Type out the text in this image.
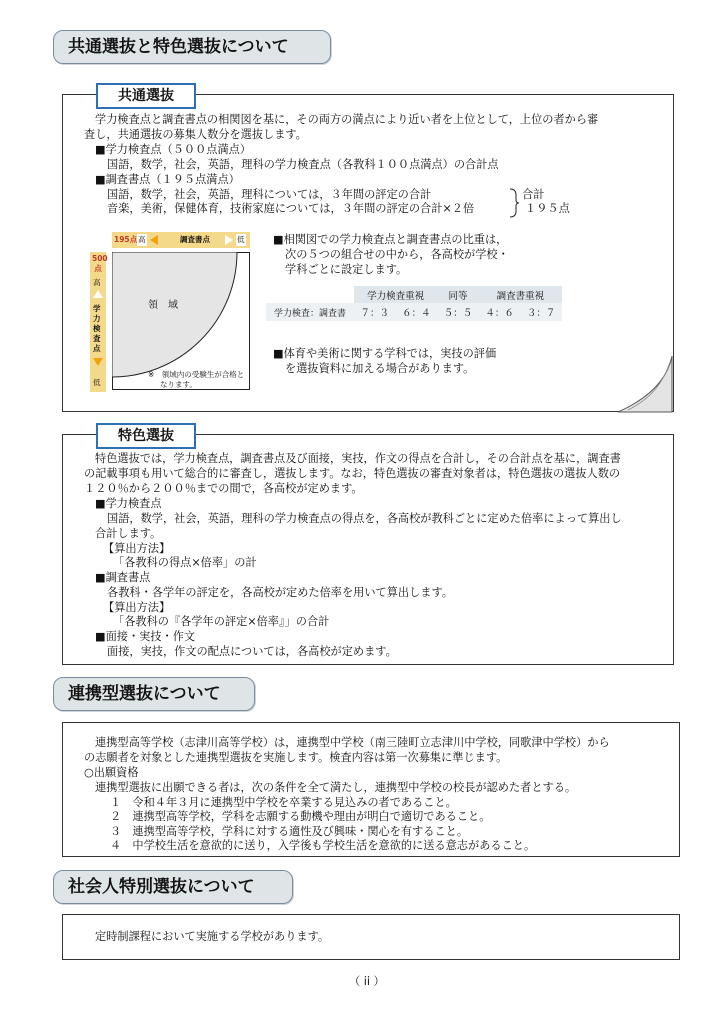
共通選抜と特色選抜について
共通選抜
学力検査点と調査書点の相関図を基に，その両方の満点により近い者を上位として，上位の者から審
査し，共通選抜の募集人数分を選抜します。
■学力検査点（５００点満点）
国語，数学，社会，英語，理科の学力検査点（各教科１００点満点）の合計点
■調査書点（１９５点満点）
国語，数学，社会，英語，理科については，３年間の評定の合計
音楽，美術，保健体育，技術家庭については，３年間の評定の合計×２倍
合計
１９５点
195点 高	調査書点	低
500点
高
学力検査点
低
領　域
※　領域内の受験生が合格と
なります。
■相関図での学力検査点と調査書点の比重は，
次の５つの組合せの中から，各高校が学校・
学科ごとに設定します。
	学力検査重視		同等	調査書重視	
学力検査：調査書	７：３	６：４	５：５	４：６	３：７
■体育や美術に関する学科では，実技の評価
を選抜資料に加える場合があります。
特色選抜
特色選抜では，学力検査点，調査書点及び面接，実技，作文の得点を合計し，その合計点を基に，調査書
の記載事項も用いて総合的に審査し，選抜します。なお，特色選抜の審査対象者は，特色選抜の選抜人数の
１２０％から２００％までの間で，各高校が定めます。
■学力検査点
国語，数学，社会，英語，理科の学力検査点の得点を，各高校が教科ごとに定めた倍率によって算出し
合計します。
【算出方法】
「各教科の得点×倍率」の計
■調査書点
各教科・各学年の評定を，各高校が定めた倍率を用いて算出します。
【算出方法】
「各教科の『各学年の評定×倍率』」の合計
■面接・実技・作文
面接，実技，作文の配点については，各高校が定めます。
連携型選抜について
連携型高等学校（志津川高等学校）は，連携型中学校（南三陸町立志津川中学校，同歌津中学校）から
の志願者を対象とした連携型選抜を実施します。検査内容は第一次募集に準じます。
○出願資格
連携型選抜に出願できる者は，次の条件を全て満たし，連携型中学校の校長が認めた者とする。
１　令和４年３月に連携型中学校を卒業する見込みの者であること。
２　連携型高等学校，学科を志願する動機や理由が明白で適切であること。
３　連携型高等学校，学科に対する適性及び興味・関心を有すること。
４　中学校生活を意欲的に送り，入学後も学校生活を意欲的に送る意志があること。
社会人特別選抜について
定時制課程において実施する学校があります。
（ ii ）
